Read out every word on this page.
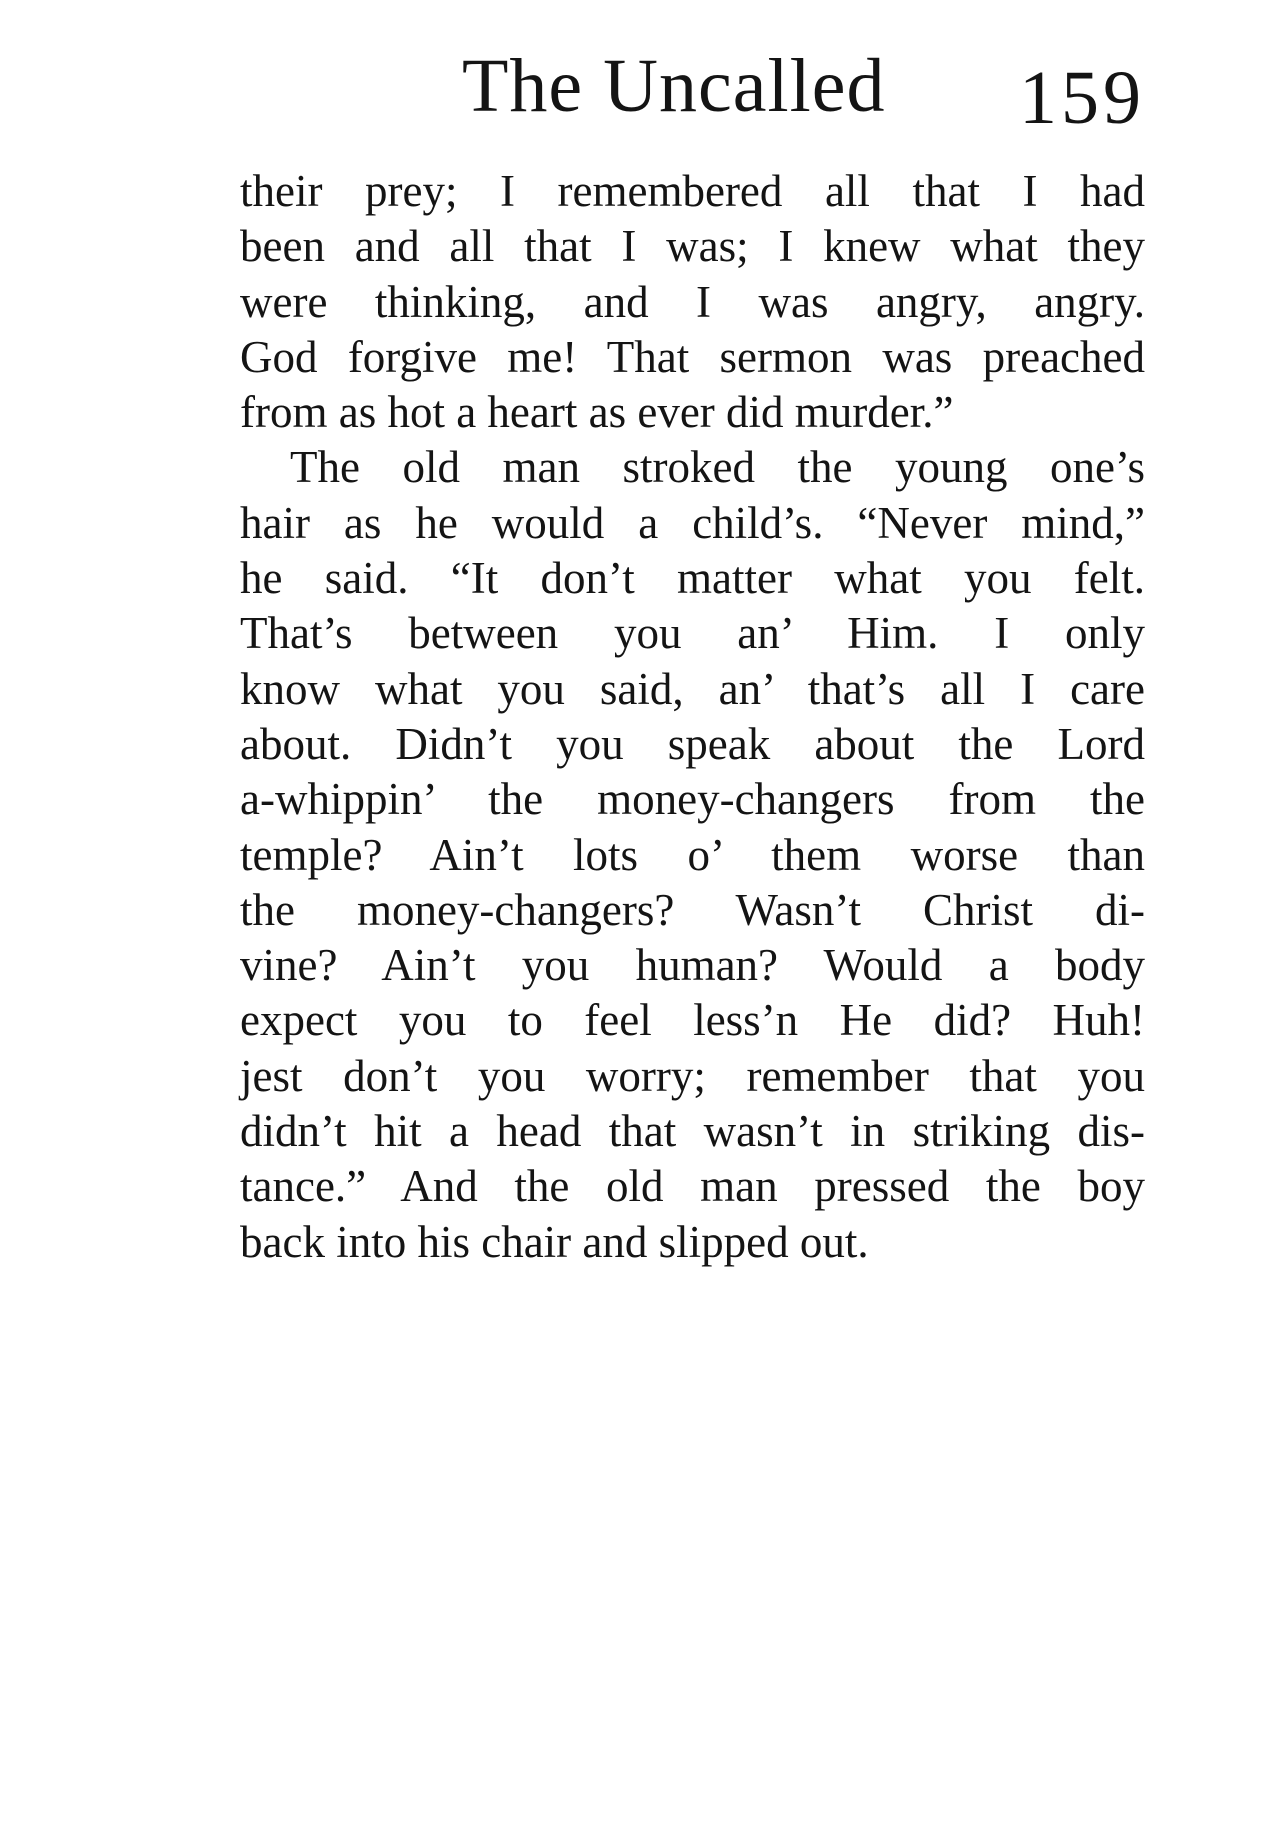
The Uncalled 159
their prey; I remembered all that I had
been and all that I was; I knew what they
were thinking, and I was angry, angry.
God forgive me! That sermon was preached
from as hot a heart as ever did murder.”
The old man stroked the young one’s
hair as he would a child’s. “Never mind,”
he said. “It don’t matter what you felt.
That’s between you an’ Him. I only
know what you said, an’ that’s all I care
about. Didn’t you speak about the Lord
a-whippin’ the money-changers from the
temple? Ain’t lots o’ them worse than
the money-changers? Wasn’t Christ di-
vine? Ain’t you human? Would a body
expect you to feel less’n He did? Huh!
jest don’t you worry; remember that you
didn’t hit a head that wasn’t in striking dis-
tance.” And the old man pressed the boy
back into his chair and slipped out.
